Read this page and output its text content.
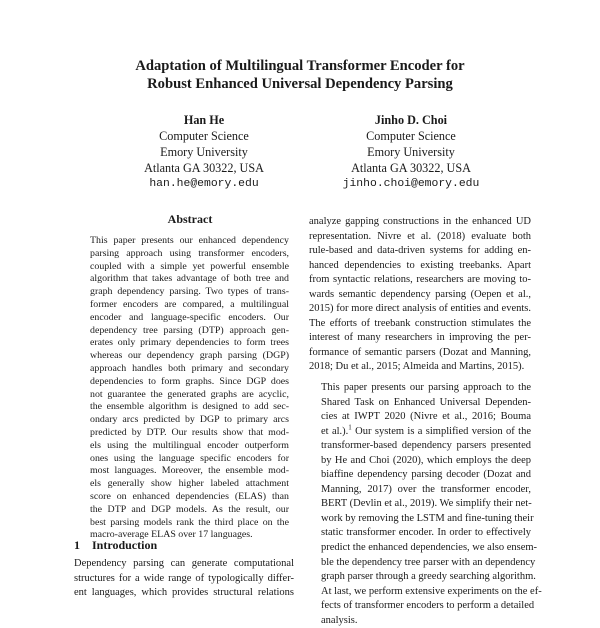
Adaptation of Multilingual Transformer Encoder for
Robust Enhanced Universal Dependency Parsing
Han He
Computer Science
Emory University
Atlanta GA 30322, USA
han.he@emory.edu
Jinho D. Choi
Computer Science
Emory University
Atlanta GA 30322, USA
jinho.choi@emory.edu
Abstract
This paper presents our enhanced dependency
parsing approach using transformer encoders,
coupled with a simple yet powerful ensemble
algorithm that takes advantage of both tree and
graph dependency parsing. Two types of trans-
former encoders are compared, a multilingual
encoder and language-specific encoders. Our
dependency tree parsing (DTP) approach gen-
erates only primary dependencies to form trees
whereas our dependency graph parsing (DGP)
approach handles both primary and secondary
dependencies to form graphs. Since DGP does
not guarantee the generated graphs are acyclic,
the ensemble algorithm is designed to add sec-
ondary arcs predicted by DGP to primary arcs
predicted by DTP. Our results show that mod-
els using the multilingual encoder outperform
ones using the language specific encoders for
most languages. Moreover, the ensemble mod-
els generally show higher labeled attachment
score on enhanced dependencies (ELAS) than
the DTP and DGP models. As the result, our
best parsing models rank the third place on the
macro-average ELAS over 17 languages.
1 Introduction
Dependency parsing can generate computational
structures for a wide range of typologically differ-
ent languages, which provides structural relations

analyze gapping constructions in the enhanced UD
representation. Nivre et al. (2018) evaluate both
rule-based and data-driven systems for adding en-
hanced dependencies to existing treebanks. Apart
from syntactic relations, researchers are moving to-
wards semantic dependency parsing (Oepen et al.,
2015) for more direct analysis of entities and events.
The efforts of treebank construction stimulates the
interest of many researchers in improving the per-
formance of semantic parsers (Dozat and Manning,
2018; Du et al., 2015; Almeida and Martins, 2015).

This paper presents our parsing approach to the
Shared Task on Enhanced Universal Dependen-
cies at IWPT 2020 (Nivre et al., 2016; Bouma
et al.).$^1$ Our system is a simplified version of the
transformer-based dependency parsers presented
by He and Choi (2020), which employs the deep
biaffine dependency parsing decoder (Dozat and
Manning, 2017) over the transformer encoder,
BERT (Devlin et al., 2019). We simplify their net-
work by removing the LSTM and fine-tuning their
static transformer encoder. In order to effectively
predict the enhanced dependencies, we also ensem-
ble the dependency tree parser with an dependency
graph parser through a greedy searching algorithm.
At last, we perform extensive experiments on the ef-
fects of transformer encoders to perform a detailed
analysis.
